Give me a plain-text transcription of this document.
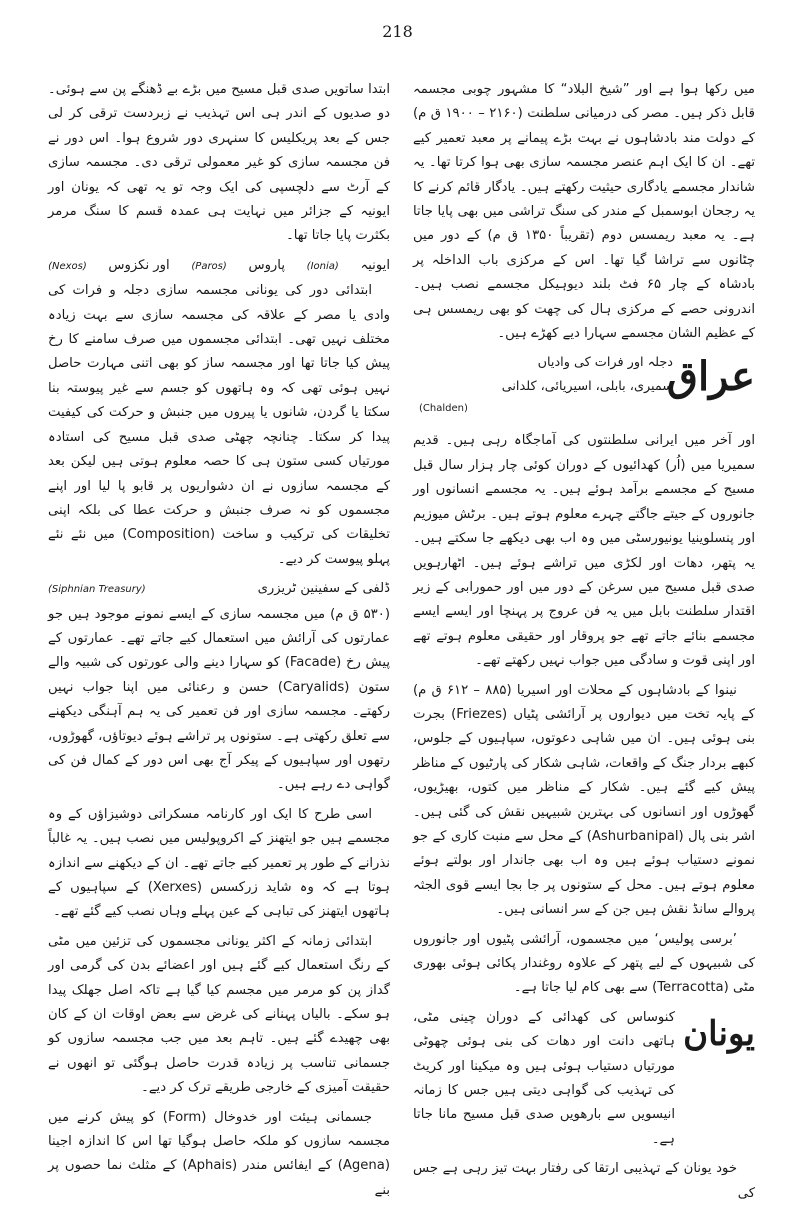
218

میں رکھا ہوا ہے اور ”شیخ البلاد“ کا مشہور چوبی مجسمہ قابل ذکر ہیں۔ مصر کی درمیانی سلطنت (۲۱۶۰ – ۱۹۰۰ ق م) کے دولت مند بادشاہوں نے بہت بڑے پیمانے پر معبد تعمیر کیے تھے۔ ان کا ایک اہم عنصر مجسمہ سازی بھی ہوا کرتا تھا۔ یہ شاندار مجسمے یادگاری حیثیت رکھتے ہیں۔ یادگار قائم کرنے کا یہ رجحان ابوسمبل کے مندر کی سنگ تراشی میں بھی پایا جاتا ہے۔ یہ معبد ریمسس دوم (تقریباً ۱۳۵۰ ق م) کے دور میں چٹانوں سے تراشا گیا تھا۔ اس کے مرکزی باب الداخلہ پر بادشاہ کے چار ۶۵ فٹ بلند دیوہیکل مجسمے نصب ہیں۔ اندرونی حصے کے مرکزی ہال کی چھت کو بھی ریمسس ہی کے عظیم الشان مجسمے سہارا دیے کھڑے ہیں۔

عراق
دجلہ اور فرات کی وادیاں
سمیری، بابلی، اسیریائی، کلدانی
(Chalden)

اور آخر میں ایرانی سلطنتوں کی آماجگاہ رہی ہیں۔ قدیم سمیریا میں (اُر) کھدائیوں کے دوران کوئی چار ہزار سال قبل مسیح کے مجسمے برآمد ہوئے ہیں۔ یہ مجسمے انسانوں اور جانوروں کے جیتے جاگتے چہرے معلوم ہوتے ہیں۔ برٹش میوزیم اور پنسلوینیا یونیورسٹی میں وہ اب بھی دیکھے جا سکتے ہیں۔ یہ پتھر، دھات اور لکڑی میں تراشے ہوئے ہیں۔ اٹھارہویں صدی قبل مسیح میں سرغن کے دور میں اور حمورابی کے زیر اقتدار سلطنت بابل میں یہ فن عروج پر پہنچا اور ایسے ایسے مجسمے بنائے جاتے تھے جو پروقار اور حقیقی معلوم ہوتے تھے اور اپنی قوت و سادگی میں جواب نہیں رکھتے تھے۔

نینوا کے بادشاہوں کے محلات اور اسیریا (۸۸۵ – ۶۱۲ ق م) کے پایہ تخت میں دیواروں پر آرائشی پٹیاں (Friezes) بجرت بنی ہوئی ہیں۔ ان میں شاہی دعوتوں، سپاہیوں کے جلوس، کبھے بردار جنگ کے واقعات، شاہی شکار کی پارٹیوں کے مناظر پیش کیے گئے ہیں۔ شکار کے مناظر میں کتوں، بھیڑیوں، گھوڑوں اور انسانوں کی بہترین شبیہیں نقش کی گئی ہیں۔ اشر بنی پال (Ashurbanipal) کے محل سے منبت کاری کے جو نمونے دستیاب ہوئے ہیں وہ اب بھی جاندار اور بولتے ہوئے معلوم ہوتے ہیں۔ محل کے ستونوں پر جا بجا ایسے قوی الجثہ پروالے سانڈ نقش ہیں جن کے سر انسانی ہیں۔

’برسی پولیس‘ میں مجسموں، آرائشی پٹیوں اور جانوروں کی شبیہوں کے لیے پتھر کے علاوہ روغندار پکائی ہوئی بھوری مٹی (Terracotta) سے بھی کام لیا جاتا ہے۔

یونان

کنوساس کی کھدائی کے دوران چینی مٹی، ہاتھی دانت اور دھات کی بنی ہوئی چھوٹی مورتیاں دستیاب ہوئی ہیں وہ میکینا اور کریٹ کی تہذیب کی گواہی دیتی ہیں جس کا زمانہ انیسویں سے بارھویں صدی قبل مسیح مانا جاتا ہے۔

خود یونان کے تہذیبی ارتقا کی رفتار بہت تیز رہی ہے جس کی

ابتدا ساتویں صدی قبل مسیح میں بڑے بے ڈھنگے پن سے ہوئی۔ دو صدیوں کے اندر ہی اس تہذیب نے زبردست ترقی کر لی جس کے بعد پریکلیس کا سنہری دور شروع ہوا۔ اس دور نے فن مجسمہ سازی کو غیر معمولی ترقی دی۔ مجسمہ سازی کے آرٹ سے دلچسپی کی ایک وجہ تو یہ تھی کہ یونان اور ایونیہ کے جزائر میں نہایت ہی عمدہ قسم کا سنگ مرمر بکثرت پایا جاتا تھا۔

ایونیہ
(Ionia)
پاروس
(Paros)
اور نکزوس
(Nexos)

ابتدائی دور کی یونانی مجسمہ سازی دجلہ و فرات کی وادی یا مصر کے علاقہ کی مجسمہ سازی سے بہت زیادہ مختلف نہیں تھی۔ ابتدائی مجسموں میں صرف سامنے کا رخ پیش کیا جاتا تھا اور مجسمہ ساز کو بھی اتنی مہارت حاصل نہیں ہوئی تھی کہ وہ ہاتھوں کو جسم سے غیر پیوستہ بنا سکتا یا گردن، شانوں یا پیروں میں جنبش و حرکت کی کیفیت پیدا کر سکتا۔ چنانچہ چھٹی صدی قبل مسیح کی استادہ مورتیاں کسی ستون ہی کا حصہ معلوم ہوتی ہیں لیکن بعد کے مجسمہ سازوں نے ان دشواریوں پر قابو پا لیا اور اپنے مجسموں کو نہ صرف جنبش و حرکت عطا کی بلکہ اپنی تخلیقات کی ترکیب و ساخت (Composition) میں نئے نئے پہلو پیوست کر دیے۔

ڈلفی کے سفینین ٹریزری
(Siphnian Treasury)

(۵۳۰ ق م) میں مجسمہ سازی کے ایسے نمونے موجود ہیں جو عمارتوں کی آرائش میں استعمال کیے جاتے تھے۔ عمارتوں کے پیش رخ (Facade) کو سہارا دینے والی عورتوں کی شبیہ والے ستون (Caryalids) حسن و رعنائی میں اپنا جواب نہیں رکھتے۔ مجسمہ سازی اور فن تعمیر کی یہ ہم آہنگی دیکھنے سے تعلق رکھتی ہے۔ ستونوں پر تراشے ہوئے دیوتاؤں، گھوڑوں، رتھوں اور سپاہیوں کے پیکر آج بھی اس دور کے کمال فن کی گواہی دے رہے ہیں۔

اسی طرح کا ایک اور کارنامہ مسکراتی دوشیزاؤں کے وہ مجسمے ہیں جو ایتھنز کے اکروپولیس میں نصب ہیں۔ یہ غالباً نذرانے کے طور پر تعمیر کیے جاتے تھے۔ ان کے دیکھنے سے اندازہ ہوتا ہے کہ وہ شاید زرکسس (Xerxes) کے سپاہیوں کے ہاتھوں ایتھنز کی تباہی کے عین پہلے وہاں نصب کیے گئے تھے۔

ابتدائی زمانہ کے اکثر یونانی مجسموں کی تزئین میں مٹی کے رنگ استعمال کیے گئے ہیں اور اعضائے بدن کی گرمی اور گداز پن کو مرمر میں مجسم کیا گیا ہے تاکہ اصل جھلک پیدا ہو سکے۔ بالیاں پہنانے کی غرض سے بعض اوقات ان کے کان بھی چھیدے گئے ہیں۔ تاہم بعد میں جب مجسمہ سازوں کو جسمانی تناسب پر زیادہ قدرت حاصل ہوگئی تو انھوں نے حقیقت آمیزی کے خارجی طریقے ترک کر دیے۔

جسمانی ہیئت اور خدوخال (Form) کو پیش کرنے میں مجسمہ سازوں کو ملکہ حاصل ہوگیا تھا اس کا اندازہ اجینا (Agena) کے ایفائس مندر (Aphais) کے مثلث نما حصوں پر بنے
